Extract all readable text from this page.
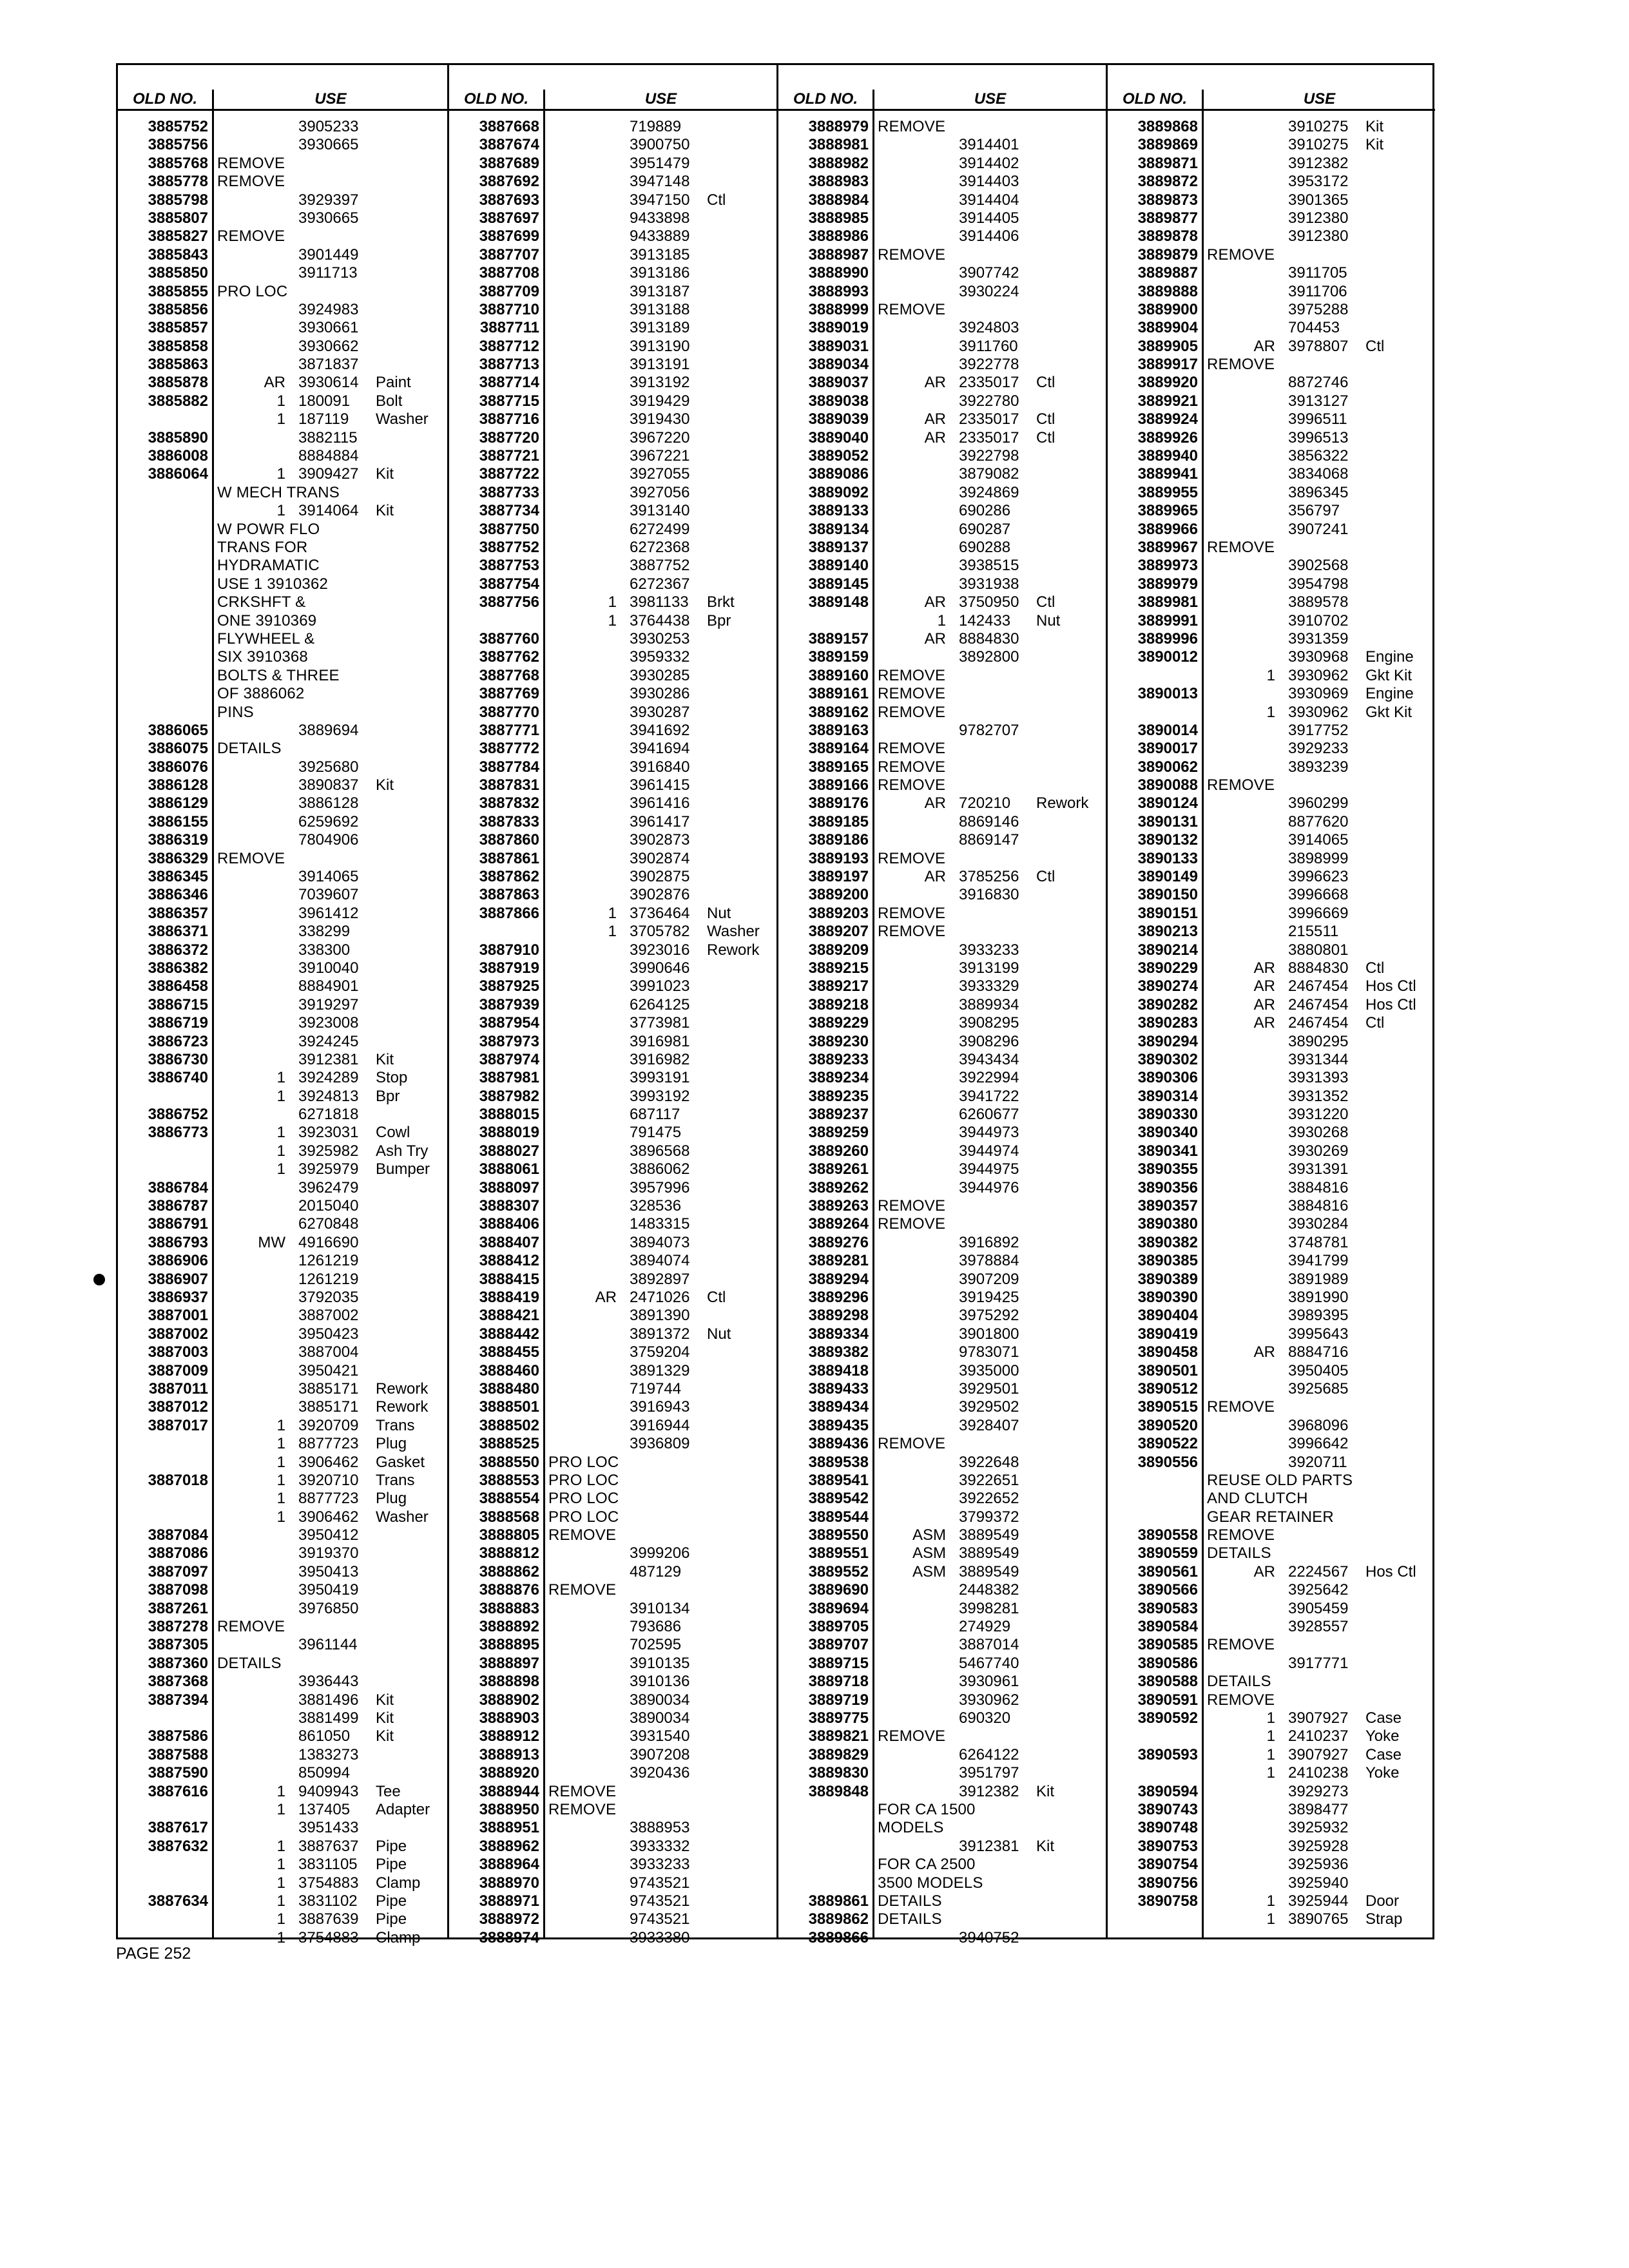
OLD NO.	USE
3885752	3905233
3885756	3930665
3885768 REMOVE
3885778 REMOVE
3885798	3929397
3885807	3930665
3885827 REMOVE
3885843	3901449
3885850	3911713
3885855 PRO LOC
3885856	3924983
3885857	3930661
3885858	3930662
3885863	3871837
3885878	AR 3930614 Paint
3885882	1 180091 Bolt
1 187119 Washer
3885890	3882115
3886008	8884884
3886064	1 3909427 Kit
W MECH TRANS
1 3914064 Kit
W POWR FLO
TRANS FOR
HYDRAMATIC
USE 1 3910362
CRKSHFT &
ONE 3910369
FLYWHEEL &
SIX 3910368
BOLTS & THREE
OF 3886062
PINS
3886065	3889694
3886075 DETAILS
3886076	3925680
3886128	3890837 Kit
3886129	3886128
3886155	6259692
3886319	7804906
3886329 REMOVE
3886345	3914065
3886346	7039607
3886357	3961412
3886371	338299
3886372	338300
3886382	3910040
3886458	8884901
3886715	3919297
3886719	3923008
3886723	3924245
3886730	3912381 Kit
3886740	1 3924289 Stop
1 3924813 Bpr
3886752	6271818
3886773	1 3923031 Cowl
1 3925982 Ash Try
1 3925979 Bumper
3886784	3962479
3886787	2015040
3886791	6270848
3886793	MW 4916690
3886906	1261219
3886907	1261219
3886937	3792035
3887001	3887002
3887002	3950423
3887003	3887004
3887009	3950421
3887011	3885171 Rework
3887012	3885171 Rework
3887017	1 3920709 Trans
1 8877723 Plug
1 3906462 Gasket
3887018	1 3920710 Trans
1 8877723 Plug
1 3906462 Washer
3887084	3950412
3887086	3919370
3887097	3950413
3887098	3950419
3887261	3976850
3887278 REMOVE
3887305	3961144
3887360 DETAILS
3887368	3936443
3887394	3881496 Kit
3881499 Kit
3887586	861050 Kit
3887588	1383273
3887590	850994
3887616	1 9409943 Tee
1 137405 Adapter
3887617	3951433
3887632	1 3887637 Pipe
1 3831105 Pipe
1 3754883 Clamp
3887634	1 3831102 Pipe
1 3887639 Pipe
1 3754883 Clamp
OLD NO.	USE
3887668	719889
3887674	3900750
3887689	3951479
3887692	3947148
3887693	3947150 Ctl
3887697	9433898
3887699	9433889
3887707	3913185
3887708	3913186
3887709	3913187
3887710	3913188
3887711	3913189
3887712	3913190
3887713	3913191
3887714	3913192
3887715	3919429
3887716	3919430
3887720	3967220
3887721	3967221
3887722	3927055
3887733	3927056
3887734	3913140
3887750	6272499
3887752	6272368
3887753	3887752
3887754	6272367
3887756	1 3981133 Brkt
1 3764438 Bpr
3887760	3930253
3887762	3959332
3887768	3930285
3887769	3930286
3887770	3930287
3887771	3941692
3887772	3941694
3887784	3916840
3887831	3961415
3887832	3961416
3887833	3961417
3887860	3902873
3887861	3902874
3887862	3902875
3887863	3902876
3887866	1 3736464 Nut
1 3705782 Washer
3887910	3923016 Rework
3887919	3990646
3887925	3991023
3887939	6264125
3887954	3773981
3887973	3916981
3887974	3916982
3887981	3993191
3887982	3993192
3888015	687117
3888019	791475
3888027	3896568
3888061	3886062
3888097	3957996
3888307	328536
3888406	1483315
3888407	3894073
3888412	3894074
3888415	3892897
3888419	AR 2471026 Ctl
3888421	3891390
3888442	3891372 Nut
3888455	3759204
3888460	3891329
3888480	719744
3888501	3916943
3888502	3916944
3888525	3936809
3888550 PRO LOC
3888553 PRO LOC
3888554 PRO LOC
3888568 PRO LOC
3888805 REMOVE
3888812	3999206
3888862	487129
3888876 REMOVE
3888883	3910134
3888892	793686
3888895	702595
3888897	3910135
3888898	3910136
3888902	3890034
3888903	3890034
3888912	3931540
3888913	3907208
3888920	3920436
3888944 REMOVE
3888950 REMOVE
3888951	3888953
3888962	3933332
3888964	3933233
3888970	9743521
3888971	9743521
3888972	9743521
3888974	3933380
OLD NO.	USE
3888979 REMOVE
3888981	3914401
3888982	3914402
3888983	3914403
3888984	3914404
3888985	3914405
3888986	3914406
3888987 REMOVE
3888990	3907742
3888993	3930224
3888999 REMOVE
3889019	3924803
3889031	3911760
3889034	3922778
3889037	AR 2335017 Ctl
3889038	3922780
3889039	AR 2335017 Ctl
3889040	AR 2335017 Ctl
3889052	3922798
3889086	3879082
3889092	3924869
3889133	690286
3889134	690287
3889137	690288
3889140	3938515
3889145	3931938
3889148	AR 3750950 Ctl
1 142433 Nut
3889157	AR 8884830
3889159	3892800
3889160 REMOVE
3889161 REMOVE
3889162 REMOVE
3889163	9782707
3889164 REMOVE
3889165 REMOVE
3889166 REMOVE
3889176	AR 720210 Rework
3889185	8869146
3889186	8869147
3889193 REMOVE
3889197	AR 3785256 Ctl
3889200	3916830
3889203 REMOVE
3889207 REMOVE
3889209	3933233
3889215	3913199
3889217	3933329
3889218	3889934
3889229	3908295
3889230	3908296
3889233	3943434
3889234	3922994
3889235	3941722
3889237	6260677
3889259	3944973
3889260	3944974
3889261	3944975
3889262	3944976
3889263 REMOVE
3889264 REMOVE
3889276	3916892
3889281	3978884
3889294	3907209
3889296	3919425
3889298	3975292
3889334	3901800
3889382	9783071
3889418	3935000
3889433	3929501
3889434	3929502
3889435	3928407
3889436 REMOVE
3889538	3922648
3889541	3922651
3889542	3922652
3889544	3799372
3889550	ASM 3889549
3889551	ASM 3889549
3889552	ASM 3889549
3889690	2448382
3889694	3998281
3889705	274929
3889707	3887014
3889715	5467740
3889718	3930961
3889719	3930962
3889775	690320
3889821 REMOVE
3889829	6264122
3889830	3951797
3889848	3912382 Kit
FOR CA 1500
MODELS
3912381 Kit
FOR CA 2500
3500 MODELS
3889861 DETAILS
3889862 DETAILS
3889866	3940752
OLD NO.	USE
3889868	3910275 Kit
3889869	3910275 Kit
3889871	3912382
3889872	3953172
3889873	3901365
3889877	3912380
3889878	3912380
3889879 REMOVE
3889887	3911705
3889888	3911706
3889900	3975288
3889904	704453
3889905	AR 3978807 Ctl
3889917 REMOVE
3889920	8872746
3889921	3913127
3889924	3996511
3889926	3996513
3889940	3856322
3889941	3834068
3889955	3896345
3889965	356797
3889966	3907241
3889967 REMOVE
3889973	3902568
3889979	3954798
3889981	3889578
3889991	3910702
3889996	3931359
3890012	3930968 Engine
1 3930962 Gkt Kit
3890013	3930969 Engine
1 3930962 Gkt Kit
3890014	3917752
3890017	3929233
3890062	3893239
3890088 REMOVE
3890124	3960299
3890131	8877620
3890132	3914065
3890133	3898999
3890149	3996623
3890150	3996668
3890151	3996669
3890213	215511
3890214	3880801
3890229	AR 8884830 Ctl
3890274	AR 2467454 Hos Ctl
3890282	AR 2467454 Hos Ctl
3890283	AR 2467454 Ctl
3890294	3890295
3890302	3931344
3890306	3931393
3890314	3931352
3890330	3931220
3890340	3930268
3890341	3930269
3890355	3931391
3890356	3884816
3890357	3884816
3890380	3930284
3890382	3748781
3890385	3941799
3890389	3891989
3890390	3891990
3890404	3989395
3890419	3995643
3890458	AR 8884716
3890501	3950405
3890512	3925685
3890515 REMOVE
3890520	3968096
3890522	3996642
3890556	3920711
REUSE OLD PARTS
AND CLUTCH
GEAR RETAINER
3890558 REMOVE
3890559 DETAILS
3890561	AR 2224567 Hos Ctl
3890566	3925642
3890583	3905459
3890584	3928557
3890585 REMOVE
3890586	3917771
3890588 DETAILS
3890591 REMOVE
3890592	1 3907927 Case
1 2410237 Yoke
3890593	1 3907927 Case
1 2410238 Yoke
3890594	3929273
3890743	3898477
3890748	3925932
3890753	3925928
3890754	3925936
3890756	3925940
3890758	1 3925944 Door
1 3890765 Strap
PAGE 252
